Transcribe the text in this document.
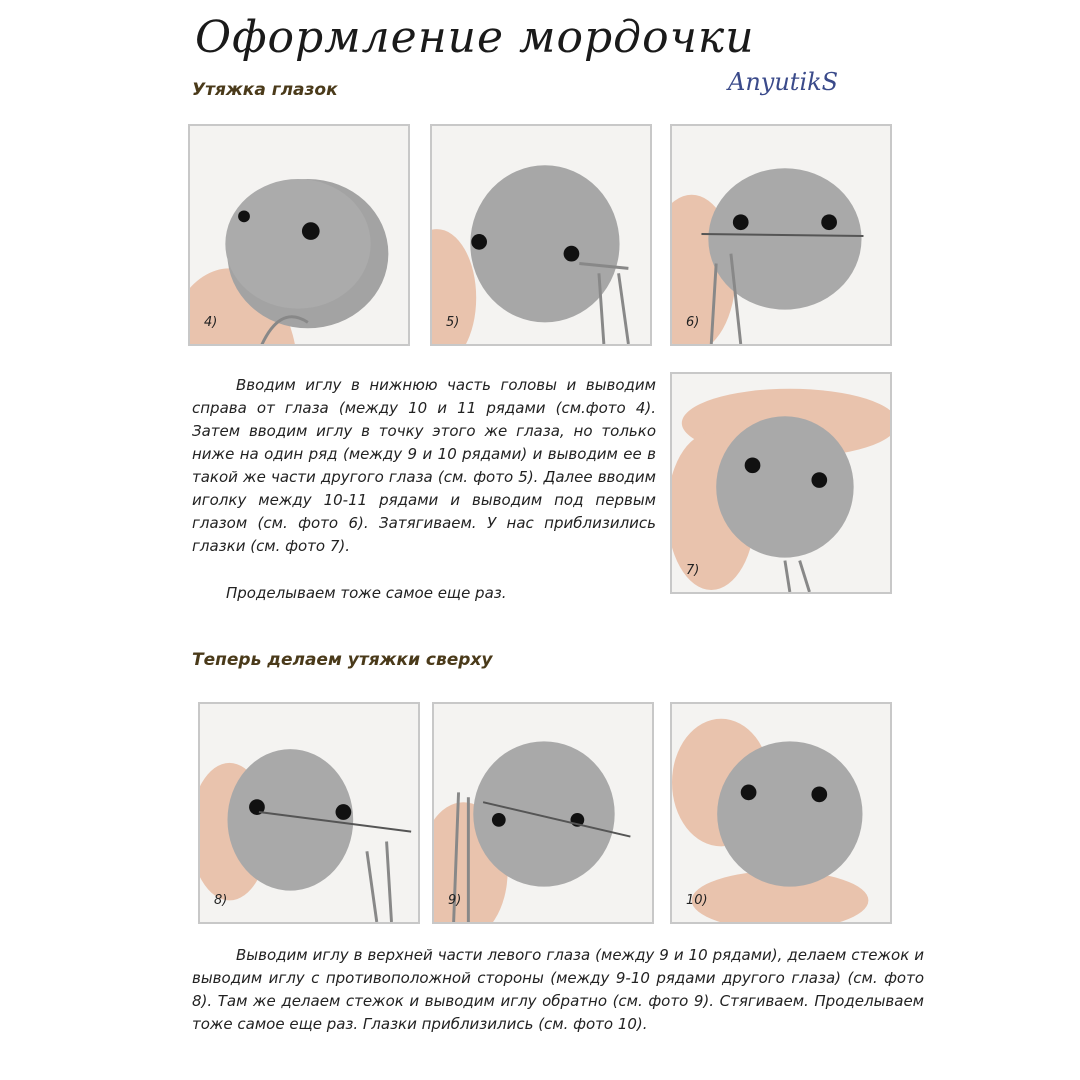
Оформление мордочки
AnyutikS
Утяжка глазок
4)	5)	6)
7)
Вводим иглу в нижнюю часть головы и выводим справа от глаза (между 10 и 11 рядами (см.фото 4). Затем вводим иглу в точку этого же глаза, но только ниже на один ряд (между 9 и 10 рядами) и выводим ее в такой же части другого глаза (см. фото 5). Далее вводим иголку между 10-11 рядами и выводим под первым глазом (см. фото 6). Затягиваем. У нас приблизились глазки (см. фото 7).
Проделываем тоже самое еще раз.
Теперь делаем утяжки сверху
8)	9)	10)
Выводим иглу в верхней части левого глаза (между 9 и 10 рядами), делаем стежок и выводим иглу с противоположной стороны (между 9-10 рядами другого глаза) (см. фото 8). Там же делаем стежок и выводим иглу обратно (см. фото 9). Стягиваем. Проделываем тоже самое еще раз. Глазки приблизились (см. фото 10).
